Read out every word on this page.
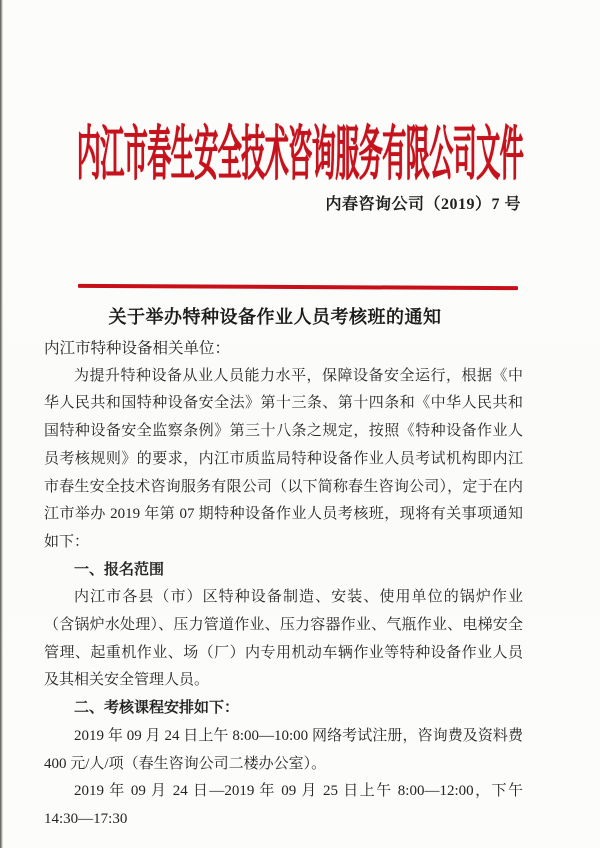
内江市春生安全技术咨询服务有限公司文件
内春咨询公司（2019）7 号
关于举办特种设备作业人员考核班的通知

内江市特种设备相关单位：

为提升特种设备从业人员能力水平，保障设备安全运行，根据《中华人民共和国特种设备安全法》第十三条、第十四条和《中华人民共和国特种设备安全监察条例》第三十八条之规定，按照《特种设备作业人员考核规则》的要求，内江市质监局特种设备作业人员考试机构即内江市春生安全技术咨询服务有限公司（以下简称春生咨询公司），定于在内江市举办 2019 年第 07 期特种设备作业人员考核班，现将有关事项通知如下：

一、报名范围

内江市各县（市）区特种设备制造、安装、使用单位的锅炉作业（含锅炉水处理）、压力管道作业、压力容器作业、气瓶作业、电梯安全管理、起重机作业、场（厂）内专用机动车辆作业等特种设备作业人员及其相关安全管理人员。

二、考核课程安排如下：

2019 年 09 月 24 日上午 8:00—10:00 网络考试注册，咨询费及资料费 400 元/人/项（春生咨询公司二楼办公室）。

2019 年 09 月 24 日—2019 年 09 月 25 日上午 8:00—12:00，下午 14:30—17:30
